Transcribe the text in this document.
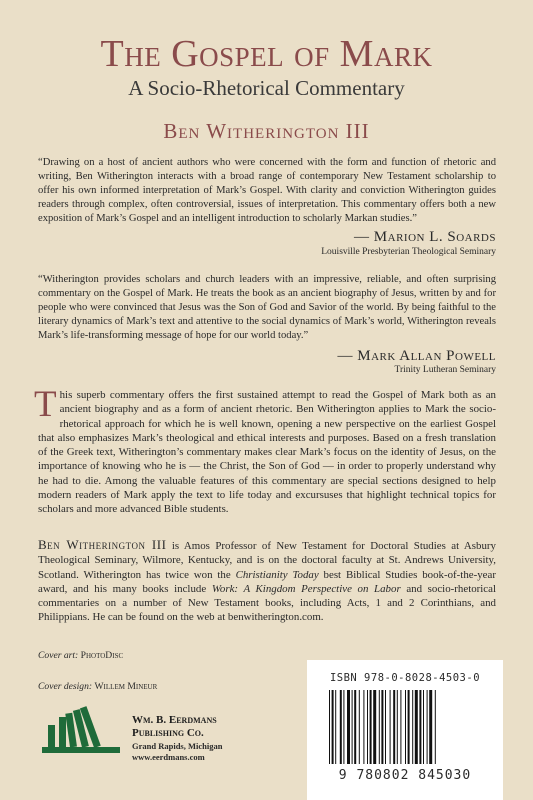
The Gospel of Mark
A Socio-Rhetorical Commentary
Ben Witherington III
“Drawing on a host of ancient authors who were concerned with the form and function of rhetoric and writing, Ben Witherington interacts with a broad range of contemporary New Testament scholarship to offer his own informed interpretation of Mark’s Gospel. With clarity and conviction Witherington guides readers through complex, often controversial, issues of interpretation. This commentary offers both a new exposition of Mark’s Gospel and an intelligent introduction to scholarly Markan studies.”
— Marion L. Soards
Louisville Presbyterian Theological Seminary
“Witherington provides scholars and church leaders with an impressive, reliable, and often surprising commentary on the Gospel of Mark. He treats the book as an ancient biography of Jesus, written by and for people who were convinced that Jesus was the Son of God and Savior of the world. By being faithful to the literary dynamics of Mark’s text and attentive to the social dynamics of Mark’s world, Witherington reveals Mark’s life-transforming message of hope for our world today.”
— Mark Allan Powell
Trinity Lutheran Seminary
This superb commentary offers the first sustained attempt to read the Gospel of Mark both as an ancient biography and as a form of ancient rhetoric. Ben Witherington applies to Mark the socio-rhetorical approach for which he is well known, opening a new perspective on the earliest Gospel that also emphasizes Mark’s theological and ethical interests and purposes. Based on a fresh translation of the Greek text, Witherington’s commentary makes clear Mark’s focus on the identity of Jesus, on the importance of knowing who he is — the Christ, the Son of God — in order to properly understand why he had to die. Among the valuable features of this commentary are special sections designed to help modern readers of Mark apply the text to life today and excursuses that highlight technical topics for scholars and more advanced Bible students.
Ben Witherington III is Amos Professor of New Testament for Doctoral Studies at Asbury Theological Seminary, Wilmore, Kentucky, and is on the doctoral faculty at St. Andrews University, Scotland. Witherington has twice won the Christianity Today best Biblical Studies book-of-the-year award, and his many books include Work: A Kingdom Perspective on Labor and socio-rhetorical commentaries on a number of New Testament books, including Acts, 1 and 2 Corinthians, and Philippians. He can be found on the web at benwitherington.com.
Cover art: PhotoDisc
Cover design: Willem Mineur
Wm. B. Eerdmans
Publishing Co.
Grand Rapids, Michigan
www.eerdmans.com
ISBN 978-0-8028-4503-0
9 780802 845030
